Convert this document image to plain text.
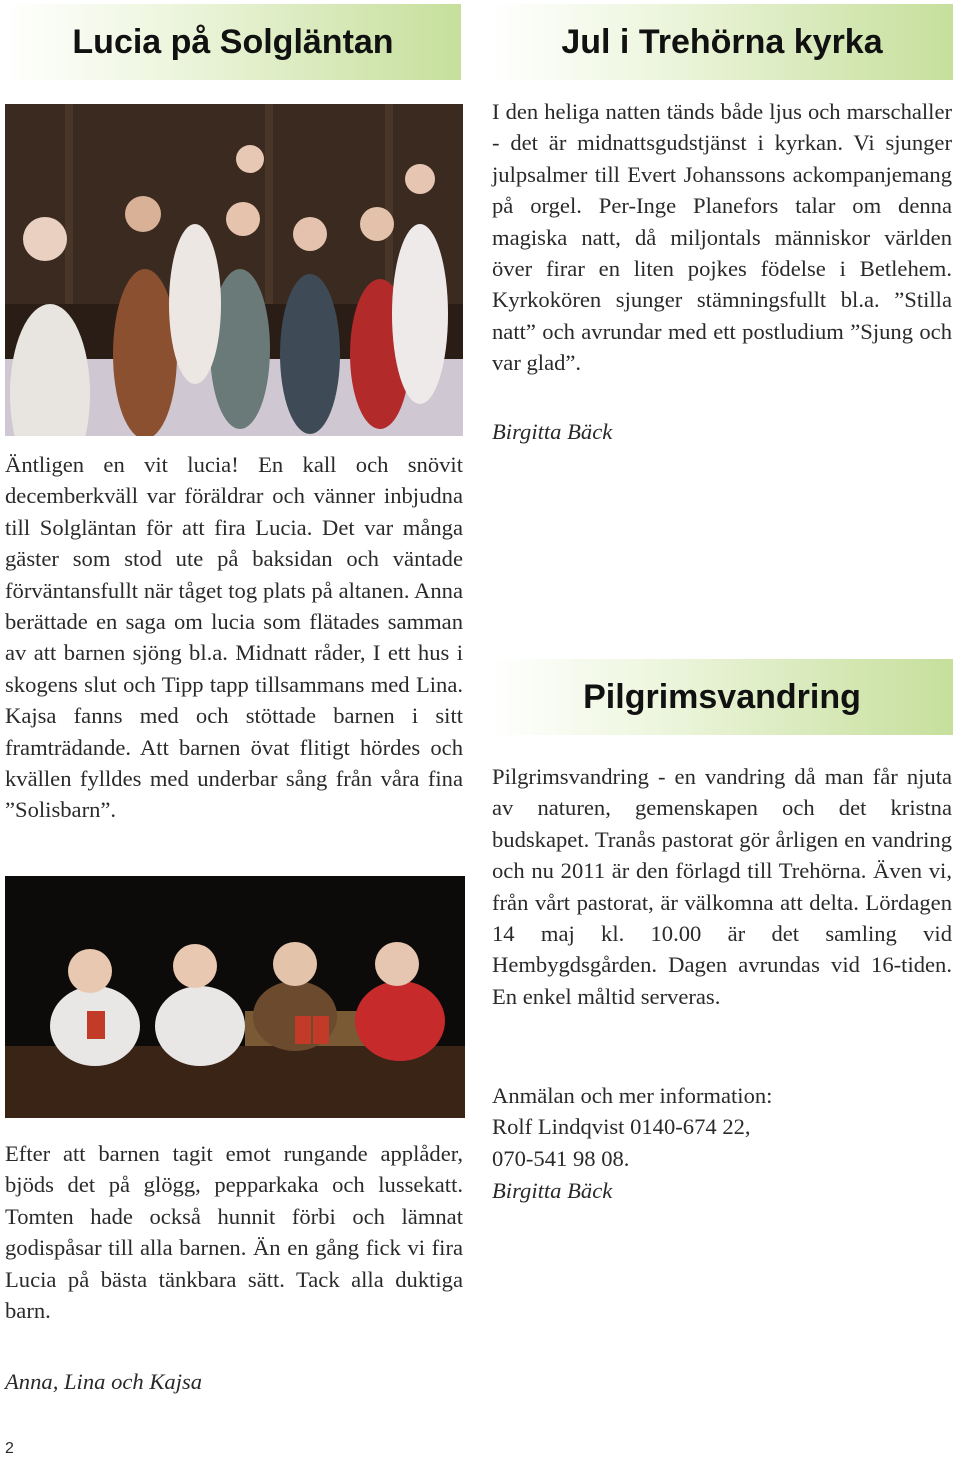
Lucia på Solgläntan

Äntligen en vit lucia! En kall och snövit decemberkväll var föräldrar och vänner inbjudna till Solgläntan för att fira Lucia. Det var många gäster som stod ute på baksidan och väntade förväntansfullt när tåget tog plats på altanen. Anna berättade en saga om lucia som flätades samman av att barnen sjöng bl.a. Midnatt råder, I ett hus i skogens slut och Tipp tapp tillsammans med Lina. Kajsa fanns med och stöttade barnen i sitt framträdande. Att barnen övat flitigt hördes och kvällen fylldes med underbar sång från våra fina ”Solisbarn”.

Efter att barnen tagit emot rungande applåder, bjöds det på glögg, pepparkaka och lussekatt. Tomten hade också hunnit förbi och lämnat godispåsar till alla barnen. Än en gång fick vi fira Lucia på bästa tänkbara sätt. Tack alla duktiga barn.

Anna, Lina och Kajsa

Jul i Trehörna kyrka

I den heliga natten tänds både ljus och marschaller - det är midnattsgudstjänst i kyrkan. Vi sjunger julpsalmer till Evert Johanssons ackompanjemang på orgel. Per-Inge Planefors talar om denna magiska natt, då miljontals människor världen över firar en liten pojkes födelse i Betlehem. Kyrkokören sjunger stämningsfullt bl.a. ”Stilla natt” och avrundar med ett postludium ”Sjung och var glad”.

Birgitta Bäck

Pilgrimsvandring

Pilgrimsvandring - en vandring då man får njuta av naturen, gemenskapen och det kristna budskapet. Tranås pastorat gör årligen en vandring och nu 2011 är den förlagd till Trehörna. Även vi, från vårt pastorat, är välkomna att delta. Lördagen 14 maj kl. 10.00 är det samling vid Hembygdsgården. Dagen avrundas vid 16-tiden. En enkel måltid serveras.

Anmälan och mer information:
Rolf Lindqvist 0140-674 22,
070-541 98 08.

Birgitta Bäck

2
